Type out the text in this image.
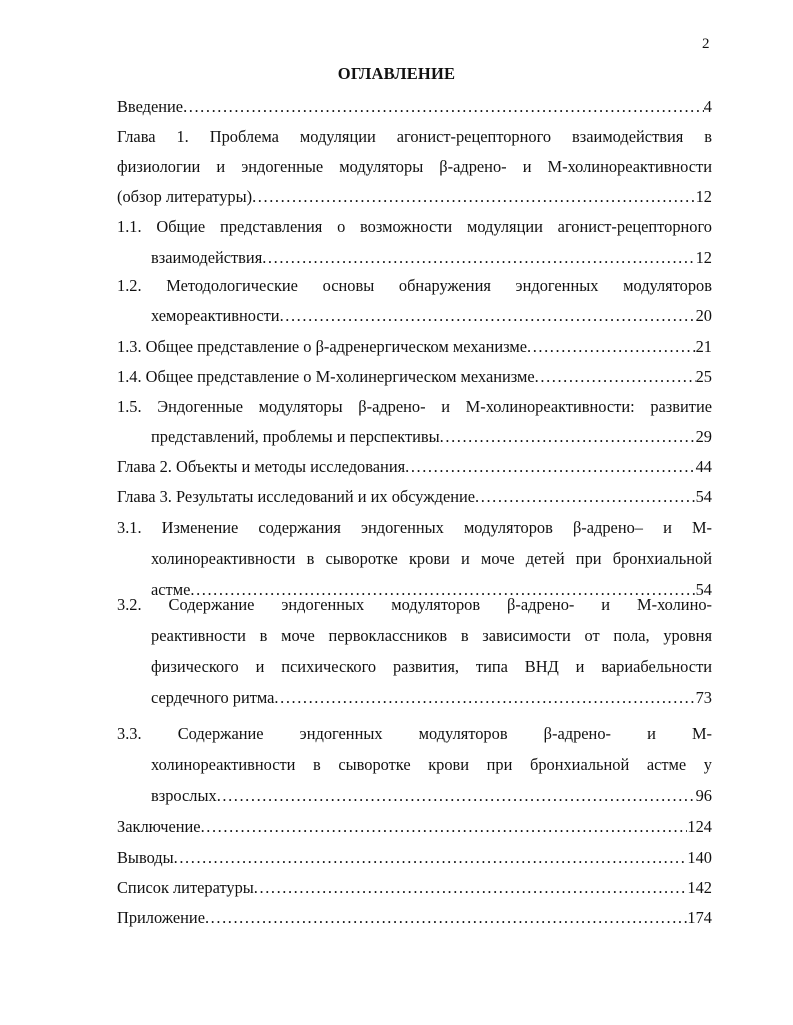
2
ОГЛАВЛЕНИЕ
Введение .....	4
Глава 1. Проблема модуляции агонист-рецепторного взаимодействия в
физиологии и эндогенные модуляторы β-адрено- и М-холинореактивности
(обзор литературы) .....	12
1.1. Общие представления о возможности модуляции агонист-рецепторного
взаимодействия .....	12
1.2. Методологические основы обнаружения эндогенных модуляторов
хемореактивности .....	20
1.3. Общее представление о β-адренергическом механизме .....	21
1.4. Общее представление о М-холинергическом механизме .....	25
1.5. Эндогенные модуляторы β-адрено- и М-холинореактивности: развитие
представлений, проблемы и перспективы .....	29
Глава 2. Объекты и методы исследования .....	44
Глава 3. Результаты исследований и их обсуждение .....	54
3.1. Изменение содержания эндогенных модуляторов β-адрено– и М-
холинореактивности в сыворотке крови и моче детей при бронхиальной
астме .....	54
3.2. Содержание эндогенных модуляторов β-адрено- и М-холино-
реактивности в моче первоклассников в зависимости от пола, уровня
физического и психического развития, типа ВНД и вариабельности
сердечного ритма .....	73
3.3. Содержание эндогенных модуляторов β-адрено- и М-
холинореактивности в сыворотке крови при бронхиальной астме у
взрослых .....	96
Заключение .....	124
Выводы .....	140
Список литературы .....	142
Приложение .....	174
